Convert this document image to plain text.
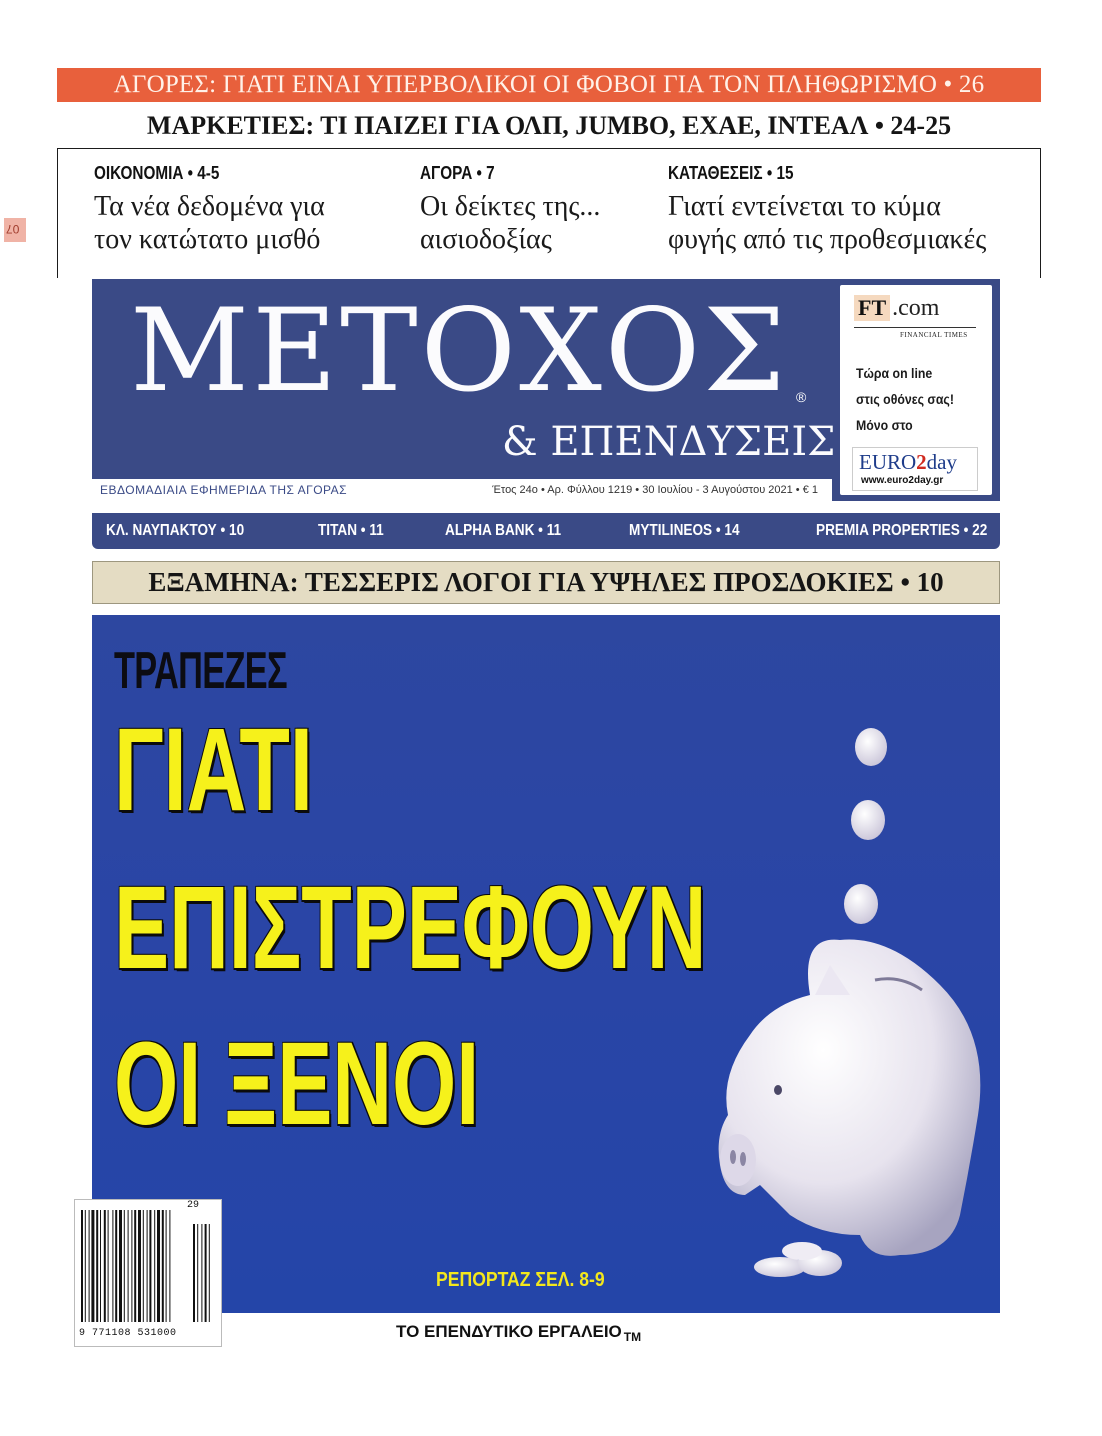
07
ΑΓΟΡΕΣ: ΓΙΑΤΙ ΕΙΝΑΙ ΥΠΕΡΒΟΛΙΚΟΙ ΟΙ ΦΟΒΟΙ ΓΙΑ ΤΟΝ ΠΛΗΘΩΡΙΣΜΟ • 26
ΜΑΡΚΕΤΙΕΣ: ΤΙ ΠΑΙΖΕΙ ΓΙΑ ΟΛΠ, JUMBO, ΕΧΑΕ, ΙΝΤΕΑΛ • 24-25
ΟΙΚΟΝΟΜΙΑ • 4-5
Τα νέα δεδομένα για
τον κατώτατο μισθό
ΑΓΟΡΑ • 7
Οι δείκτες της...
αισιοδοξίας
ΚΑΤΑΘΕΣΕΙΣ • 15
Γιατί εντείνεται το κύμα
φυγής από τις προθεσμιακές
ΜΕΤΟΧΟΣ ®
& ΕΠΕΝΔΥΣΕΙΣ
ΕΒΔΟΜΑΔΙΑΙΑ ΕΦΗΜΕΡΙΔΑ ΤΗΣ ΑΓΟΡΑΣ	Έτος 24ο • Αρ. Φύλλου 1219 • 30 Ιουλίου - 3 Αυγούστου 2021 • € 1
FT .com
FINANCIAL TIMES
Τώρα on line
στις οθόνες σας!
Μόνο στο
EURO2day
www.euro2day.gr
ΚΛ. ΝΑΥΠΑΚΤΟΥ • 10	ΤΙΤΑΝ • 11	ALPHA BANK • 11	MYTILINEOS • 14	PREMIA PROPERTIES • 22
ΕΞΑΜΗΝΑ: ΤΕΣΣΕΡΙΣ ΛΟΓΟΙ ΓΙΑ ΥΨΗΛΕΣ ΠΡΟΣΔΟΚΙΕΣ • 10
ΤΡΑΠΕΖΕΣ
ΓΙΑΤΙ
ΕΠΙΣΤΡΕΦΟΥΝ
ΟΙ ΞΕΝΟΙ
ΡΕΠΟΡΤΑΖ ΣΕΛ. 8-9
29
9 771108 531000	ΤΟ ΕΠΕΝΔΥΤΙΚΟ ΕΡΓΑΛΕΙΟ $_{TM}$
